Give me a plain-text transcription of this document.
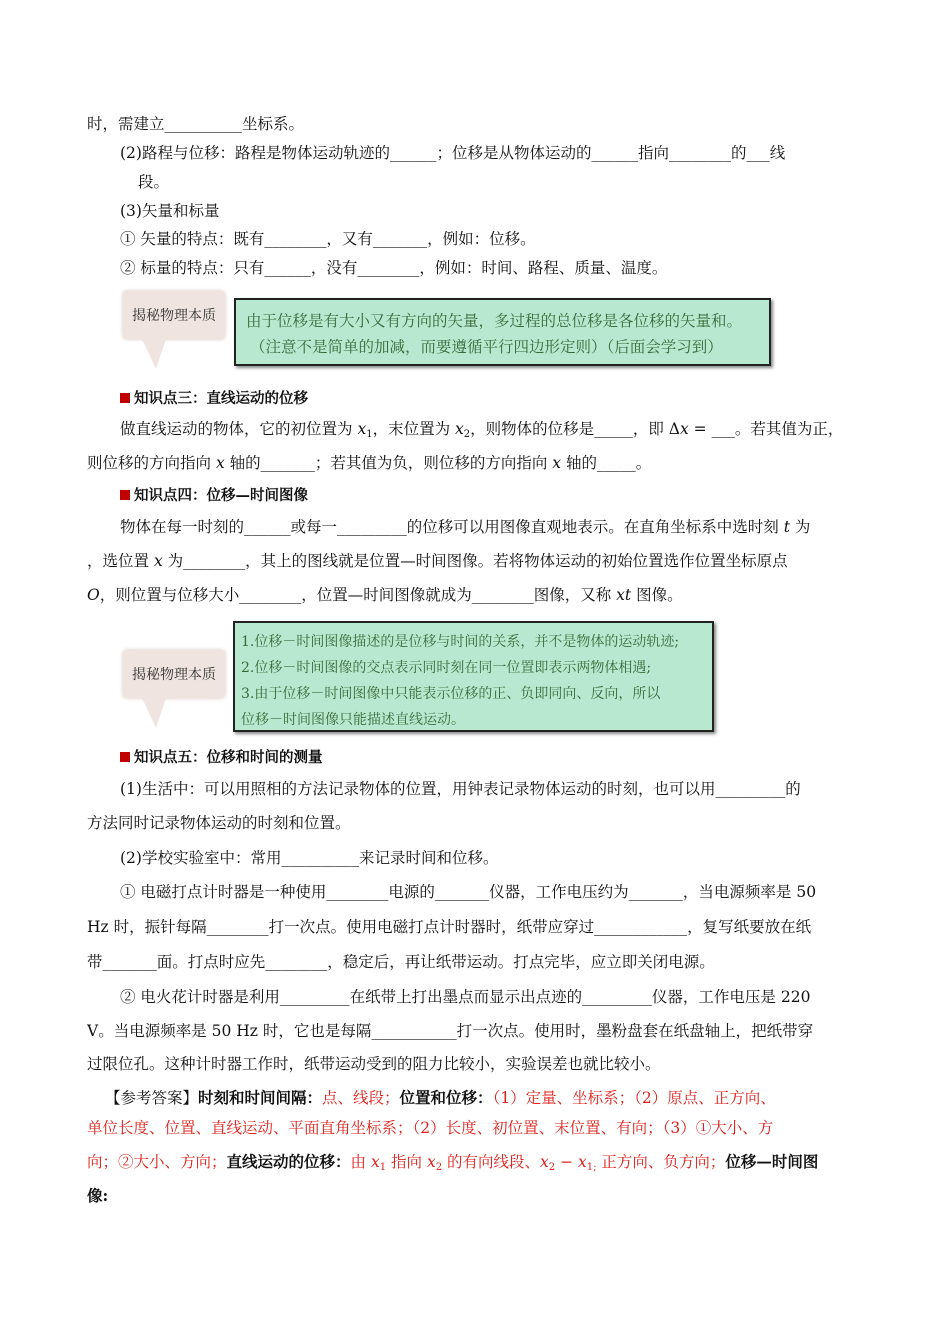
时，需建立__________坐标系。
(2)路程与位移：路程是物体运动轨迹的______；位移是从物体运动的______指向________的___线
段。
(3)矢量和标量
① 矢量的特点：既有________，又有_______，例如：位移。
② 标量的特点：只有______，没有________，例如：时间、路程、质量、温度。
揭秘物理本质	由于位移是有大小又有方向的矢量，多过程的总位移是各位移的矢量和。
（注意不是简单的加减，而要遵循平行四边形定则）（后面会学习到）
知识点三：直线运动的位移
做直线运动的物体，它的初位置为 $x_1$，末位置为 $x_2$，则物体的位移是_____，即 Δx = ___。若其值为正，
则位移的方向指向 x 轴的_______；若其值为负，则位移的方向指向 x 轴的_____。
知识点四：位移—时间图像
物体在每一时刻的______或每一_________的位移可以用图像直观地表示。在直角坐标系中选时刻 t 为
，选位置 x 为________，其上的图线就是位置—时间图像。若将物体运动的初始位置选作位置坐标原点
O，则位置与位移大小________，位置—时间图像就成为________图像，又称 xt 图像。
揭秘物理本质
1.位移－时间图像描述的是位移与时间的关系，并不是物体的运动轨迹;
2.位移－时间图像的交点表示同时刻在同一位置即表示两物体相遇;
3.由于位移－时间图像中只能表示位移的正、负即同向、反向，所以
位移－时间图像只能描述直线运动。
知识点五：位移和时间的测量
(1)生活中：可以用照相的方法记录物体的位置，用钟表记录物体运动的时刻，也可以用_________的
方法同时记录物体运动的时刻和位置。
(2)学校实验室中：常用__________来记录时间和位移。
① 电磁打点计时器是一种使用________电源的_______仪器，工作电压约为_______，当电源频率是 50
Hz 时，振针每隔________打一次点。使用电磁打点计时器时，纸带应穿过____________，复写纸要放在纸
带_______面。打点时应先________，稳定后，再让纸带运动。打点完毕，应立即关闭电源。
② 电火花计时器是利用_________在纸带上打出墨点而显示出点迹的_________仪器，工作电压是 220
V。当电源频率是 50 Hz 时，它也是每隔___________打一次点。使用时，墨粉盘套在纸盘轴上，把纸带穿
过限位孔。这种计时器工作时，纸带运动受到的阻力比较小，实验误差也就比较小。
【参考答案】时刻和时间间隔：点、线段；位置和位移：（1）定量、坐标系；（2）原点、正方向、
单位长度、位置、直线运动、平面直角坐标系；（2）长度、初位置、末位置、有向；（3）①大小、方
向；②大小、方向；直线运动的位移：由 $x_1$ 指向 $x_2$ 的有向线段、$x_2 - x_{1;}$ 正方向、负方向；位移—时间图
像:
